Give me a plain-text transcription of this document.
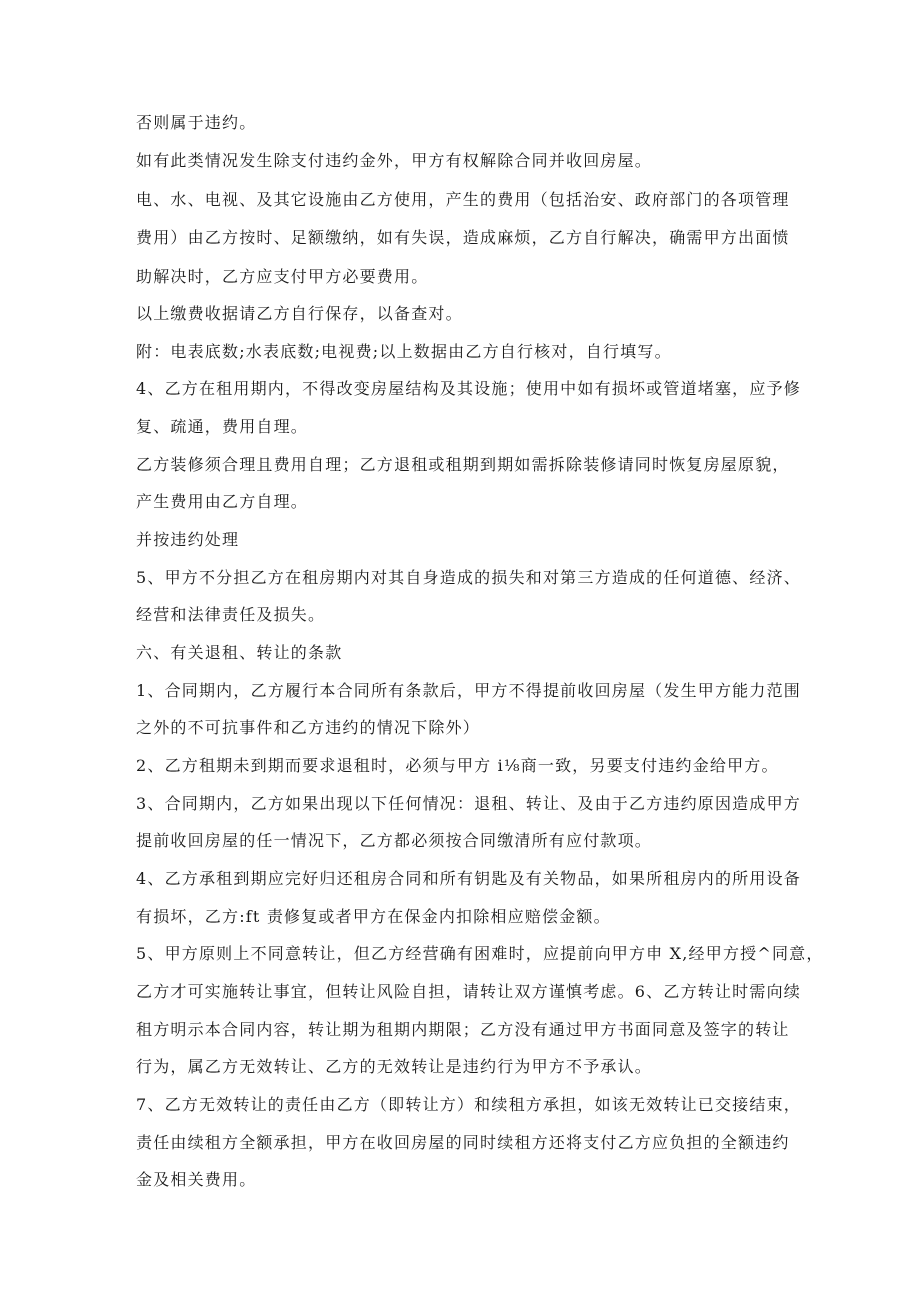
否则属于违约。
如有此类情况发生除支付违约金外，甲方有权解除合同并收回房屋。
电、水、电视、及其它设施由乙方使用，产生的费用（包括治安、政府部门的各项管理
费用）由乙方按时、足额缴纳，如有失误，造成麻烦，乙方自行解决，确需甲方出面愤
助解决时，乙方应支付甲方必要费用。
以上缴费收据请乙方自行保存，以备查对。
附：电表底数;水表底数;电视费;以上数据由乙方自行核对，自行填写。
4、乙方在租用期内，不得改变房屋结构及其设施；使用中如有损坏或管道堵塞，应予修
复、疏通，费用自理。
乙方装修须合理且费用自理；乙方退租或租期到期如需拆除装修请同时恢复房屋原貌，
产生费用由乙方自理。
并按违约处理
5、甲方不分担乙方在租房期内对其自身造成的损失和对第三方造成的任何道德、经济、
经营和法律责任及损失。
六、有关退租、转让的条款
1、合同期内，乙方履行本合同所有条款后，甲方不得提前收回房屋（发生甲方能力范围
之外的不可抗事件和乙方违约的情况下除外）
2、乙方租期未到期而要求退租时，必须与甲方 i⅛商一致，另要支付违约金给甲方。
3、合同期内，乙方如果出现以下任何情况：退租、转让、及由于乙方违约原因造成甲方
提前收回房屋的任一情况下，乙方都必须按合同缴清所有应付款项。
4、乙方承租到期应完好归还租房合同和所有钥匙及有关物品，如果所租房内的所用设备
有损坏，乙方:ft 责修复或者甲方在保金内扣除相应赔偿金额。
5、甲方原则上不同意转让，但乙方经营确有困难时，应提前向甲方申 X,经甲方授^同意，
乙方才可实施转让事宜，但转让风险自担，请转让双方谨慎考虑。6、乙方转让时需向续
租方明示本合同内容，转让期为租期内期限；乙方没有通过甲方书面同意及签字的转让
行为，属乙方无效转让、乙方的无效转让是违约行为甲方不予承认。
7、乙方无效转让的责任由乙方（即转让方）和续租方承担，如该无效转让已交接结束，
责任由续租方全额承担，甲方在收回房屋的同时续租方还将支付乙方应负担的全额违约
金及相关费用。
